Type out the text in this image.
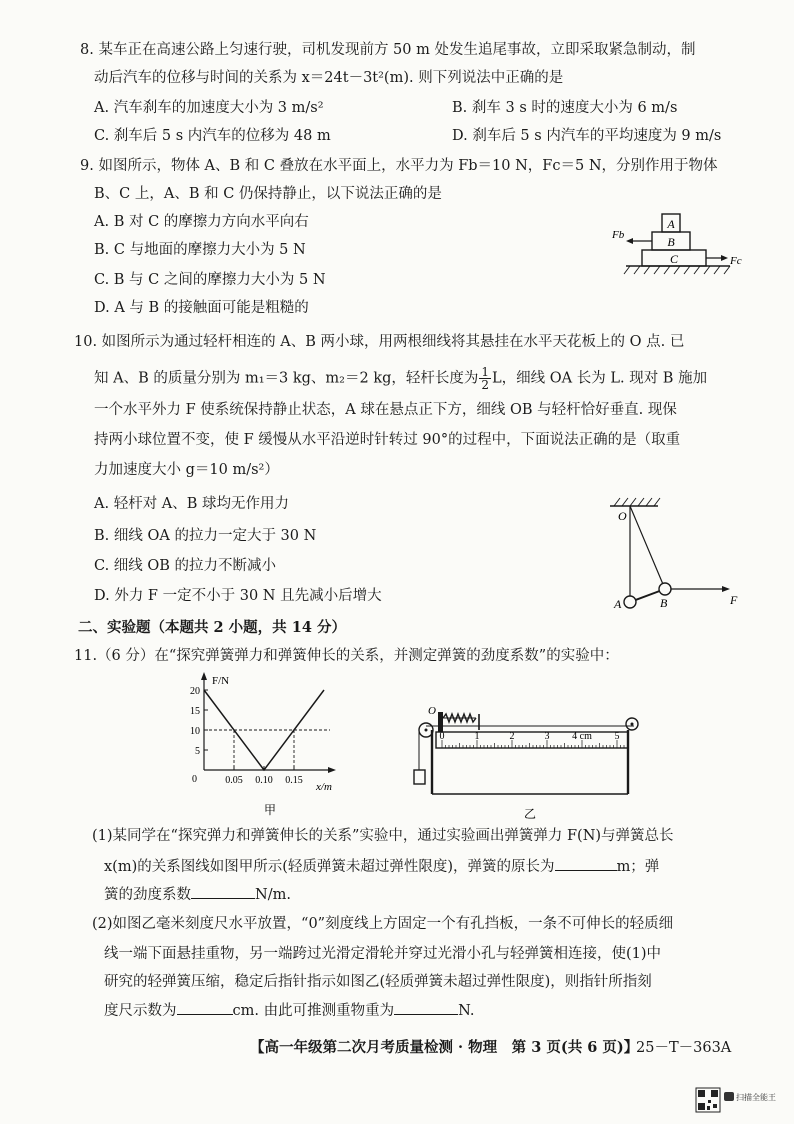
8. 某车正在高速公路上匀速行驶，司机发现前方 50 m 处发生追尾事故，立即采取紧急制动，制
动后汽车的位移与时间的关系为 x＝24t－3t²(m). 则下列说法中正确的是
A. 汽车刹车的加速度大小为 3 m/s²	B. 刹车 3 s 时的速度大小为 6 m/s
C. 刹车后 5 s 内汽车的位移为 48 m	D. 刹车后 5 s 内汽车的平均速度为 9 m/s
9. 如图所示，物体 A、B 和 C 叠放在水平面上，水平力为 Fb＝10 N，Fc＝5 N，分别作用于物体
B、C 上，A、B 和 C 仍保持静止，以下说法正确的是
A. B 对 C 的摩擦力方向水平向右
B. C 与地面的摩擦力大小为 5 N
C. B 与 C 之间的摩擦力大小为 5 N
D. A 与 B 的接触面可能是粗糙的
A
B
C
Fb
Fc
10. 如图所示为通过轻杆相连的 A、B 两小球，用两根细线将其悬挂在水平天花板上的 O 点. 已
知 A、B 的质量分别为 m₁＝3 kg、m₂＝2 kg，轻杆长度为 $\frac{1}{2}$ L，细线 OA 长为 L. 现对 B 施加
一个水平外力 F 使系统保持静止状态，A 球在悬点正下方，细线 OB 与轻杆恰好垂直. 现保
持两小球位置不变，使 F 缓慢从水平沿逆时针转过 90°的过程中，下面说法正确的是（取重
力加速度大小 g＝10 m/s²）
A. 轻杆对 A、B 球均无作用力
B. 细线 OA 的拉力一定大于 30 N
C. 细线 OB 的拉力不断减小
D. 外力 F 一定不小于 30 N 且先减小后增大
O
A	B	F
二、实验题（本题共 2 小题，共 14 分）
11.（6 分）在“探究弹簧弹力和弹簧伸长的关系，并测定弹簧的劲度系数”的实验中：
F/N
x/m
0
5
10
15
20
0.05 0.10 0.15
甲
O
0	1	2	3 4 cm 5
乙
(1)某同学在“探究弹力和弹簧伸长的关系”实验中，通过实验画出弹簧弹力 F(N)与弹簧总长
x(m)的关系图线如图甲所示(轻质弹簧未超过弹性限度)，弹簧的原长为	m；弹
簧的劲度系数	N/m.
(2)如图乙毫米刻度尺水平放置，“0”刻度线上方固定一个有孔挡板，一条不可伸长的轻质细
线一端下面悬挂重物，另一端跨过光滑定滑轮并穿过光滑小孔与轻弹簧相连接，使(1)中
研究的轻弹簧压缩，稳定后指针指示如图乙(轻质弹簧未超过弹性限度)，则指针所指刻
度尺示数为	cm. 由此可推测重物重为	N.
【高一年级第二次月考质量检测 · 物理　第 3 页(共 6 页)】
25－T－363A
扫描全能王
